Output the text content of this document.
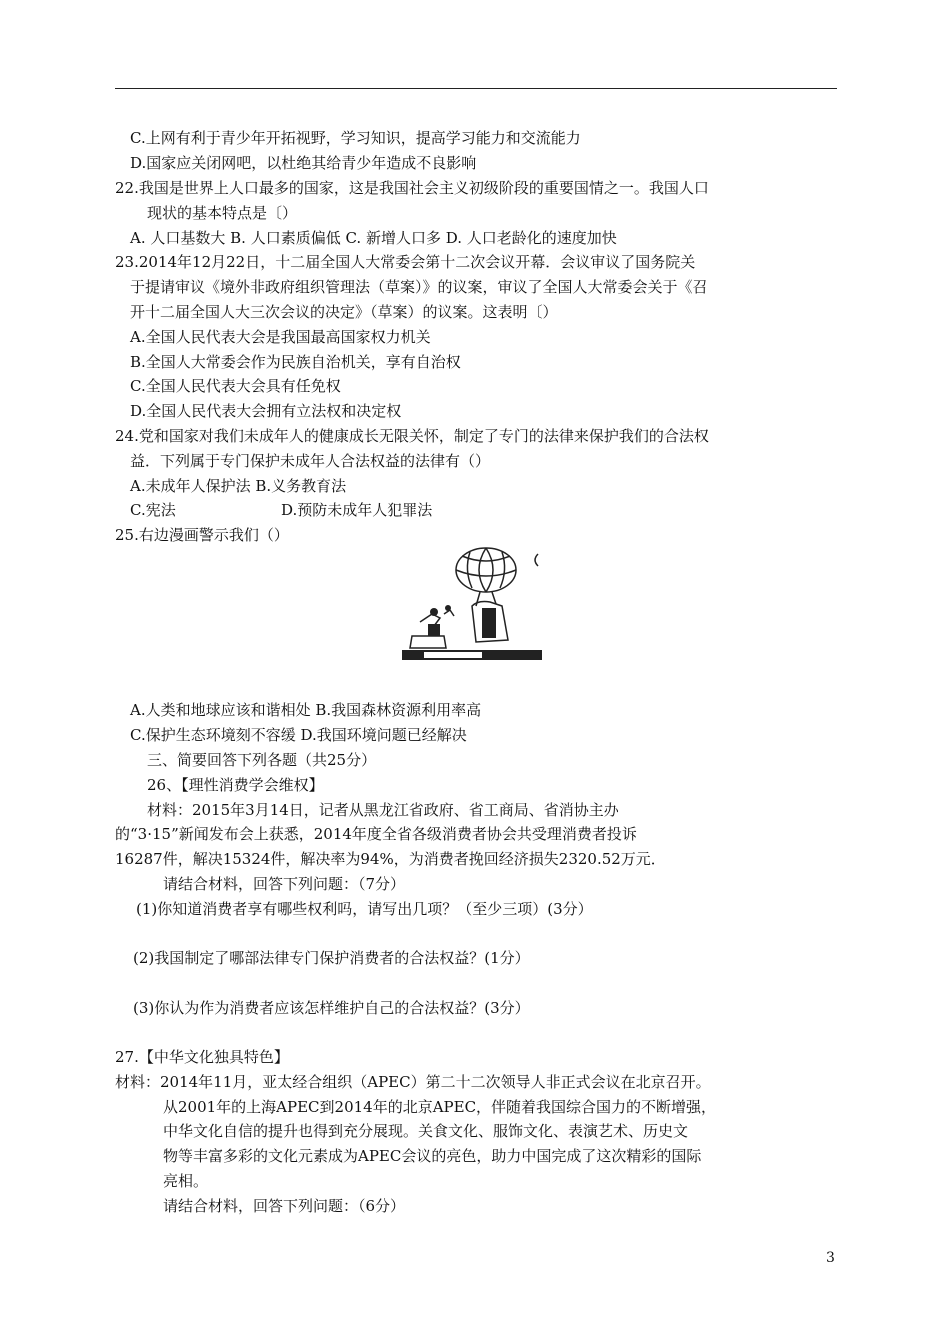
C.上网有利于青少年开拓视野，学习知识，提高学习能力和交流能力
D.国家应关闭网吧，以杜绝其给青少年造成不良影响
22.我国是世界上人口最多的国家，这是我国社会主义初级阶段的重要国情之一。我国人口
现状的基本特点是〔）
A. 人口基数大 B. 人口素质偏低 C. 新增人口多 D. 人口老龄化的速度加快
23.2014年12月22日，十二届全国人大常委会第十二次会议开幕．会议审议了国务院关
于提请审议《境外非政府组织管理法（草案）》的议案，审议了全国人大常委会关于《召
开十二届全国人大三次会议的决定》（草案）的议案。这表明〔）
A.全国人民代表大会是我国最高国家权力机关
B.全国人大常委会作为民族自治机关，享有自治权
C.全国人民代表大会具有任免权
D.全国人民代表大会拥有立法权和决定权
24.党和国家对我们未成年人的健康成长无限关怀，制定了专门的法律来保护我们的合法权
益．下列属于专门保护未成年人合法权益的法律有（）
A.未成年人保护法 B.义务教育法
C.宪法	D.预防未成年人犯罪法
25.右边漫画警示我们（）
A.人类和地球应该和谐相处 B.我国森林资源利用率高
C.保护生态环境刻不容缓 D.我国环境问题已经解决
三、简要回答下列各题（共25分）
26、【理性消费学会维权】
材料：2015年3月14日，记者从黑龙江省政府、省工商局、省消协主办
的“3·15”新闻发布会上获悉，2014年度全省各级消费者协会共受理消费者投诉
16287件，解决15324件，解决率为94%，为消费者挽回经济损失2320.52万元．
请结合材料，回答下列问题：（7分）
(1)你知道消费者享有哪些权利吗，请写出几项？（至少三项）(3分）
(2)我国制定了哪部法律专门保护消费者的合法权益？(1分）
(3)你认为作为消费者应该怎样维护自己的合法权益？(3分）
27.【中华文化独具特色】
材料：2014年11月，亚太经合组织（APEC）第二十二次领导人非正式会议在北京召开。
从2001年的上海APEC到2014年的北京APEC，伴随着我国综合国力的不断增强，
中华文化自信的提升也得到充分展现。关食文化、服饰文化、表演艺术、历史文
物等丰富多彩的文化元素成为APEC会议的亮色，助力中国完成了这次精彩的国际
亮相。
请结合材料，回答下列问题：（6分）
3
